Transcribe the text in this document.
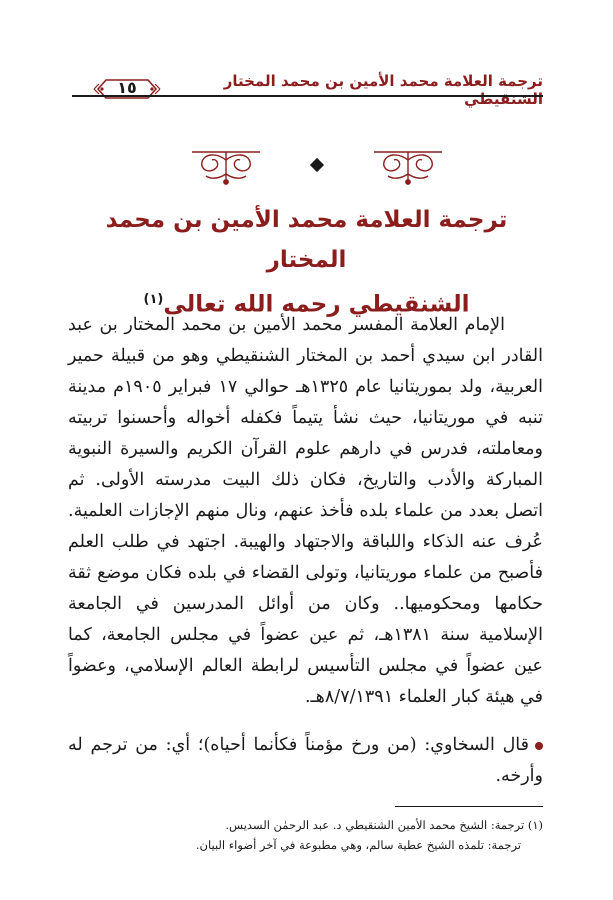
ترجمة العلامة محمد الأمين بن محمد المختار الشنقيطي
١٥
ترجمة العلامة محمد الأمين بن محمد المختار
الشنقيطي رحمه الله تعالى$^{(١)}$

الإمام العلامة المفسر محمد الأمين بن محمد المختار بن عبد القادر ابن سيدي أحمد بن المختار الشنقيطي وهو من قبيلة حمير العربية، ولد بموريتانيا عام ١٣٢٥هـ حوالي ١٧ فبراير ١٩٠٥م مدينة تنبه في موريتانيا، حيث نشأ يتيماً فكفله أخواله وأحسنوا تربيته ومعاملته، فدرس في دارهم علوم القرآن الكريم والسيرة النبوية المباركة والأدب والتاريخ، فكان ذلك البيت مدرسته الأولى. ثم اتصل بعدد من علماء بلده فأخذ عنهم، ونال منهم الإجازات العلمية. عُرف عنه الذكاء واللباقة والاجتهاد والهيبة. اجتهد في طلب العلم فأصبح من علماء موريتانيا، وتولى القضاء في بلده فكان موضع ثقة حكامها ومحكوميها.. وكان من أوائل المدرسين في الجامعة الإسلامية سنة ١٣٨١هـ، ثم عين عضواً في مجلس الجامعة، كما عين عضواً في مجلس التأسيس لرابطة العالم الإسلامي، وعضواً في هيئة كبار العلماء ٨/٧/١٣٩١هـ.

قال السخاوي: (من ورخ مؤمناً فكأنما أحياه)؛ أي: من ترجم له وأرخه.
(١) ترجمة: الشيخ محمد الأمين الشنقيطي د. عبد الرحمٰن السديس.
ترجمة: تلمذه الشيخ عطية سالم، وهي مطبوعة في آخر أضواء البيان.
